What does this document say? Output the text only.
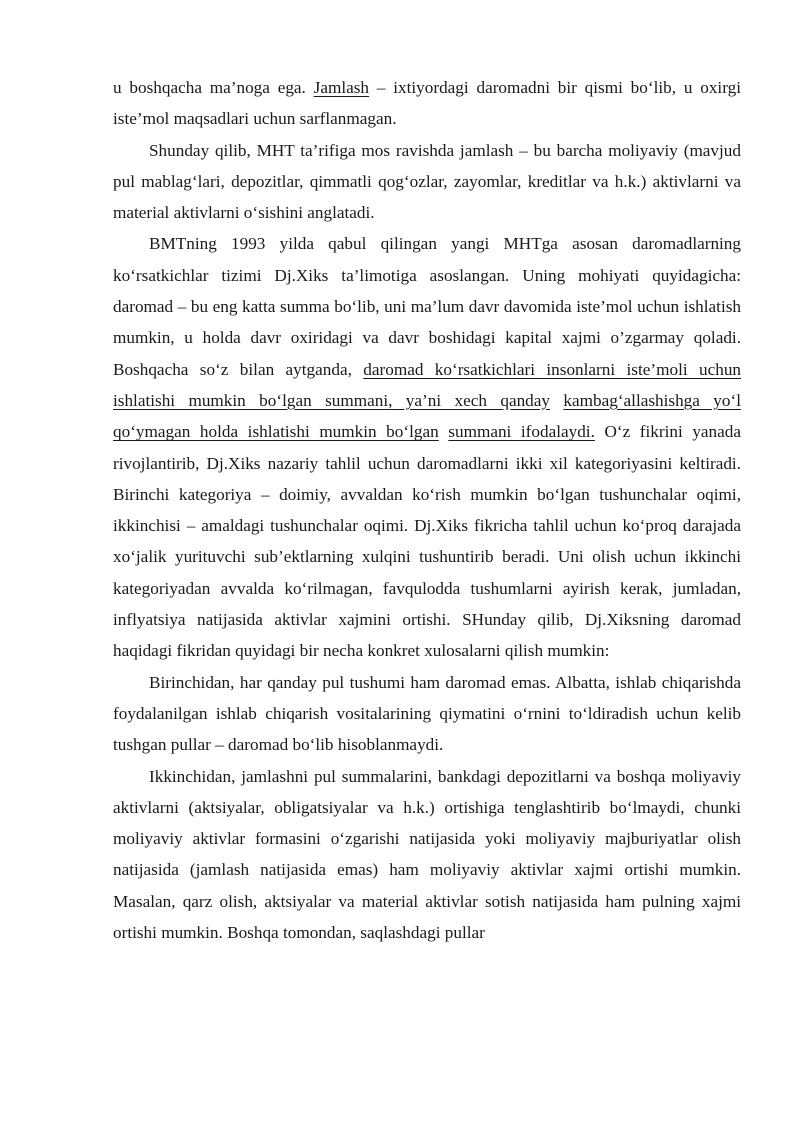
u boshqacha ma’noga ega. Jamlash – ixtiyordagi daromadni bir qismi bo‘lib, u oxirgi iste’mol maqsadlari uchun sarflanmagan.

Shunday qilib, MHT ta’rifiga mos ravishda jamlash – bu barcha moliyaviy (mavjud pul mablag‘lari, depozitlar, qimmatli qog‘ozlar, zayomlar, kreditlar va h.k.) aktivlarni va material aktivlarni o‘sishini anglatadi.

BMTning 1993 yilda qabul qilingan yangi MHTga asosan daromadlarning ko‘rsatkichlar tizimi Dj.Xiks ta’limotiga asoslangan. Uning mohiyati quyidagicha: daromad – bu eng katta summa bo‘lib, uni ma’lum davr davomida iste’mol uchun ishlatish mumkin, u holda davr oxiridagi va davr boshidagi kapital xajmi o’zgarmay qoladi. Boshqacha so‘z bilan aytganda, daromad ko‘rsatkichlari insonlarni iste’moli uchun ishlatishi mumkin bo‘lgan summani, ya’ni xech qanday kambag‘allashishga yo‘l qo‘ymagan holda ishlatishi mumkin bo‘lgan summani ifodalaydi. O‘z fikrini yanada rivojlantirib, Dj.Xiks nazariy tahlil uchun daromadlarni ikki xil kategoriyasini keltiradi. Birinchi kategoriya – doimiy, avvaldan ko‘rish mumkin bo‘lgan tushunchalar oqimi, ikkinchisi – amaldagi tushunchalar oqimi. Dj.Xiks fikricha tahlil uchun ko‘proq darajada xo‘jalik yurituvchi sub’ektlarning xulqini tushuntirib beradi. Uni olish uchun ikkinchi kategoriyadan avvalda ko‘rilmagan, favqulodda tushumlarni ayirish kerak, jumladan, inflyatsiya natijasida aktivlar xajmini ortishi. SHunday qilib, Dj.Xiksning daromad haqidagi fikridan quyidagi bir necha konkret xulosalarni qilish mumkin:

Birinchidan, har qanday pul tushumi ham daromad emas. Albatta, ishlab chiqarishda foydalanilgan ishlab chiqarish vositalarining qiymatini o‘rnini to‘ldiradish uchun kelib tushgan pullar – daromad bo‘lib hisoblanmaydi.

Ikkinchidan, jamlashni pul summalarini, bankdagi depozitlarni va boshqa moliyaviy aktivlarni (aktsiyalar, obligatsiyalar va h.k.) ortishiga tenglashtirib bo‘lmaydi, chunki moliyaviy aktivlar formasini o‘zgarishi natijasida yoki moliyaviy majburiyatlar olish natijasida (jamlash natijasida emas) ham moliyaviy aktivlar xajmi ortishi mumkin. Masalan, qarz olish, aktsiyalar va material aktivlar sotish natijasida ham pulning xajmi ortishi mumkin. Boshqa tomondan, saqlashdagi pullar
